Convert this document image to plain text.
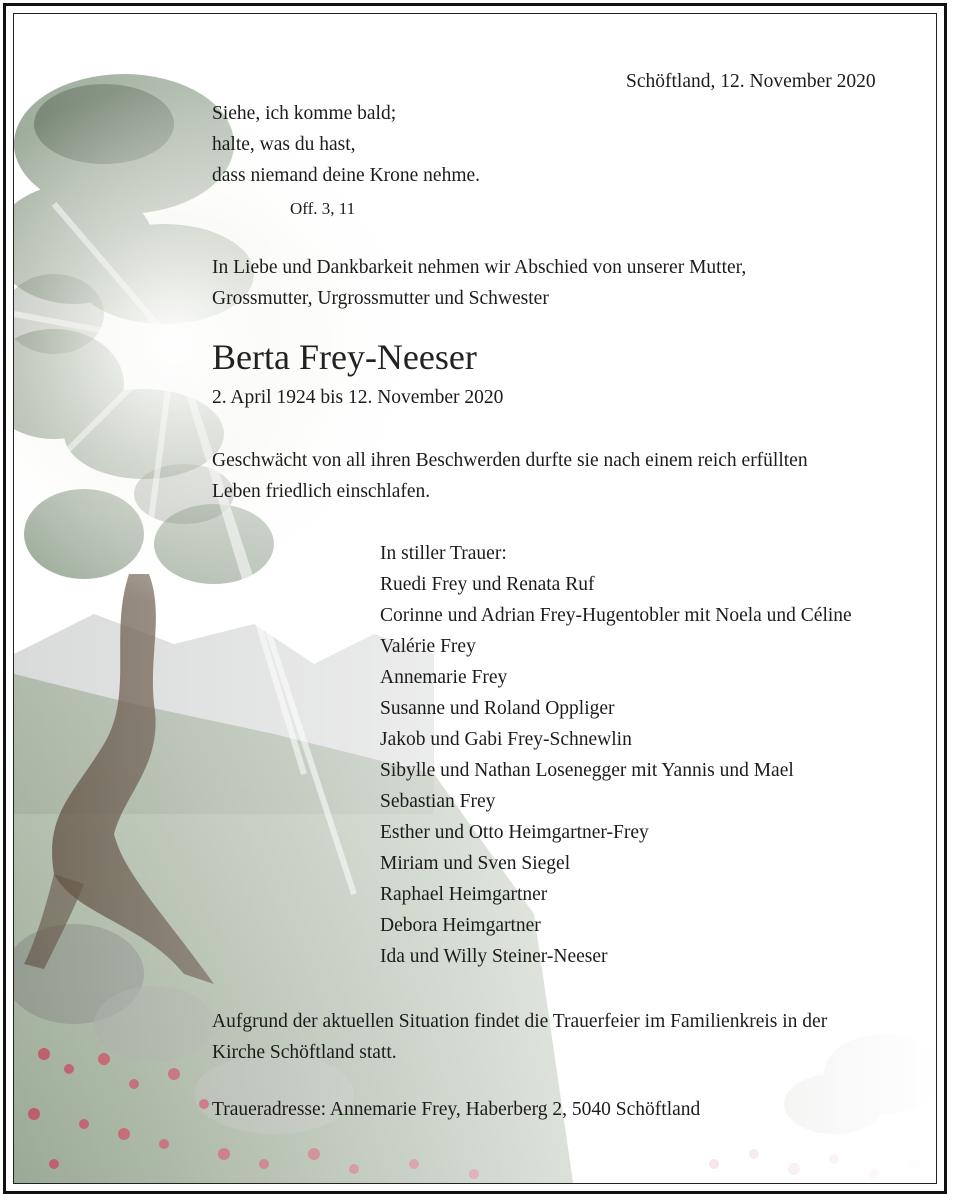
Schöftland, 12. November 2020
Siehe, ich komme bald;
halte, was du hast,
dass niemand deine Krone nehme.
Off. 3, 11
In Liebe und Dankbarkeit nehmen wir Abschied von unserer Mutter,
Grossmutter, Urgrossmutter und Schwester
Berta Frey-Neeser
2. April 1924 bis 12. November 2020
Geschwächt von all ihren Beschwerden durfte sie nach einem reich erfüllten
Leben friedlich einschlafen.
In stiller Trauer:
Ruedi Frey und Renata Ruf
Corinne und Adrian Frey-Hugentobler mit Noela und Céline
Valérie Frey
Annemarie Frey
Susanne und Roland Oppliger
Jakob und Gabi Frey-Schnewlin
Sibylle und Nathan Losenegger mit Yannis und Mael
Sebastian Frey
Esther und Otto Heimgartner-Frey
Miriam und Sven Siegel
Raphael Heimgartner
Debora Heimgartner
Ida und Willy Steiner-Neeser
Aufgrund der aktuellen Situation findet die Trauerfeier im Familienkreis in der
Kirche Schöftland statt.
Traueradresse: Annemarie Frey, Haberberg 2, 5040 Schöftland
